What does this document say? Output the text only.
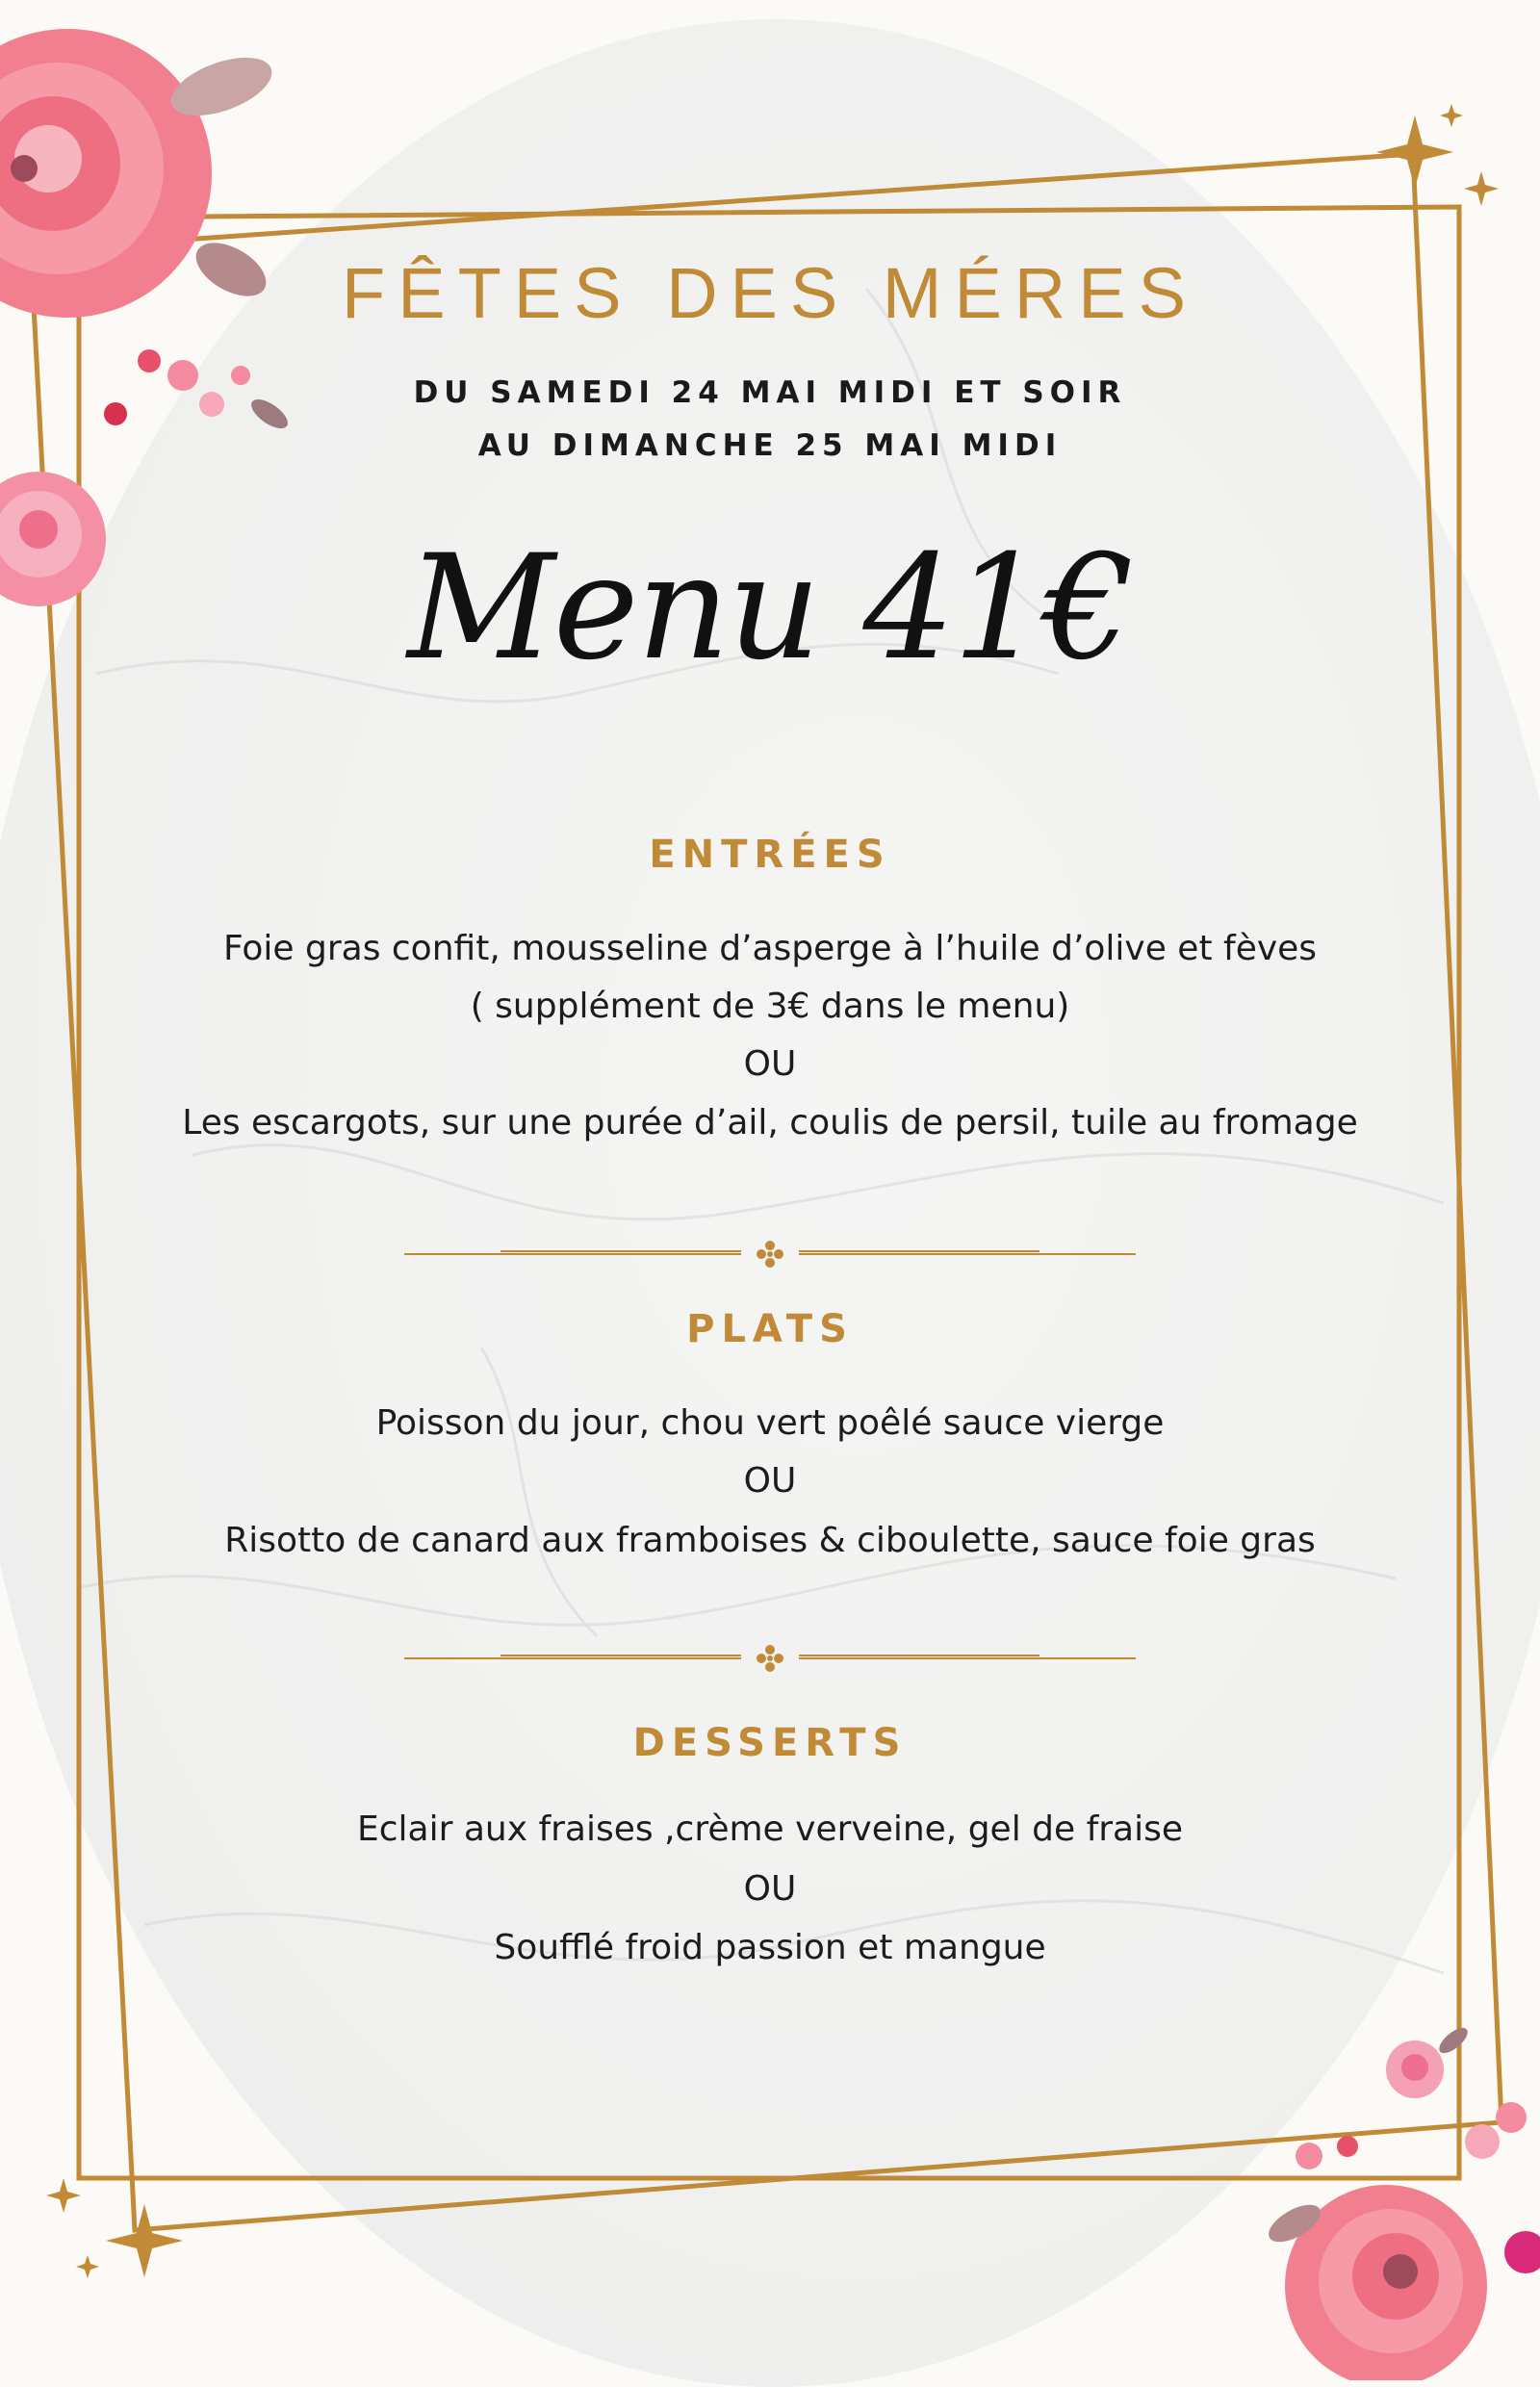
FÊTES DES MÉRES
DU SAMEDI 24 MAI MIDI ET SOIR
AU DIMANCHE 25 MAI MIDI
Menu 41€
ENTRÉES
Foie gras confit, mousseline d’asperge à l’huile d’olive et fèves
( supplément de 3€ dans le menu)
OU
Les escargots, sur une purée d’ail, coulis de persil, tuile au fromage
PLATS
Poisson du jour, chou vert poêlé sauce vierge
OU
Risotto de canard aux framboises & ciboulette, sauce foie gras
DESSERTS
Eclair aux fraises ,crème verveine, gel de fraise
OU
Soufflé froid passion et mangue
